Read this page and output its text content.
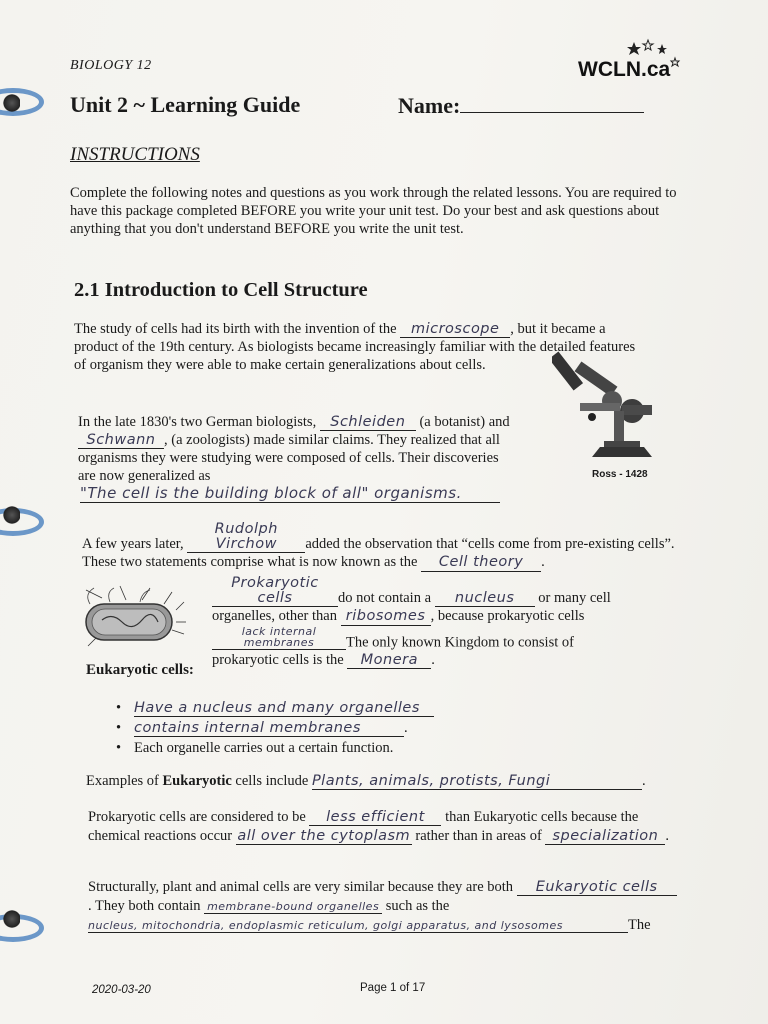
BIOLOGY 12	WCLN.ca
Unit 2 ~ Learning Guide	Name:
INSTRUCTIONS
Complete the following notes and questions as you work through the related lessons. You are required to have this package completed BEFORE you write your unit test. Do your best and ask questions about anything that you don't understand BEFORE you write the unit test.
2.1 Introduction to Cell Structure
The study of cells had its birth with the invention of the microscope , but it became a product of the 19th century. As biologists became increasingly familiar with the detailed features of organism they were able to make certain generalizations about cells.
Ross - 1428
In the late 1830's two German biologists, Schleiden (a botanist) and Schwann , (a zoologists) made similar claims. They realized that all organisms they were studying were composed of cells. Their discoveries are now generalized as
"The cell is the building block of all" organisms.
A few years later, Rudolph Virchow added the observation that “cells come from pre-existing cells”. These two statements comprise what is now known as the Cell theory .
Prokaryotic cells	do not contain a nucleus or many cell organelles, other than ribosomes , because prokaryotic cells lack internal membranes The only known Kingdom to consist of prokaryotic cells is the Monera .
Eukaryotic cells:
• Have a nucleus and many organelles
• contains internal membranes	.
• Each organelle carries out a certain function.
Examples of Eukaryotic cells include Plants, animals, protists, Fungi	.
Prokaryotic cells are considered to be less efficient than Eukaryotic cells because the chemical reactions occur all over the cytoplasm rather than in areas of specialization .
Structurally, plant and animal cells are very similar because they are both Eukaryotic cells. They both contain membrane-bound organelles such as the nucleus, mitochondria, endoplasmic reticulum, golgi apparatus, and lysosomes	The
2020-03-20	Page 1 of 17
